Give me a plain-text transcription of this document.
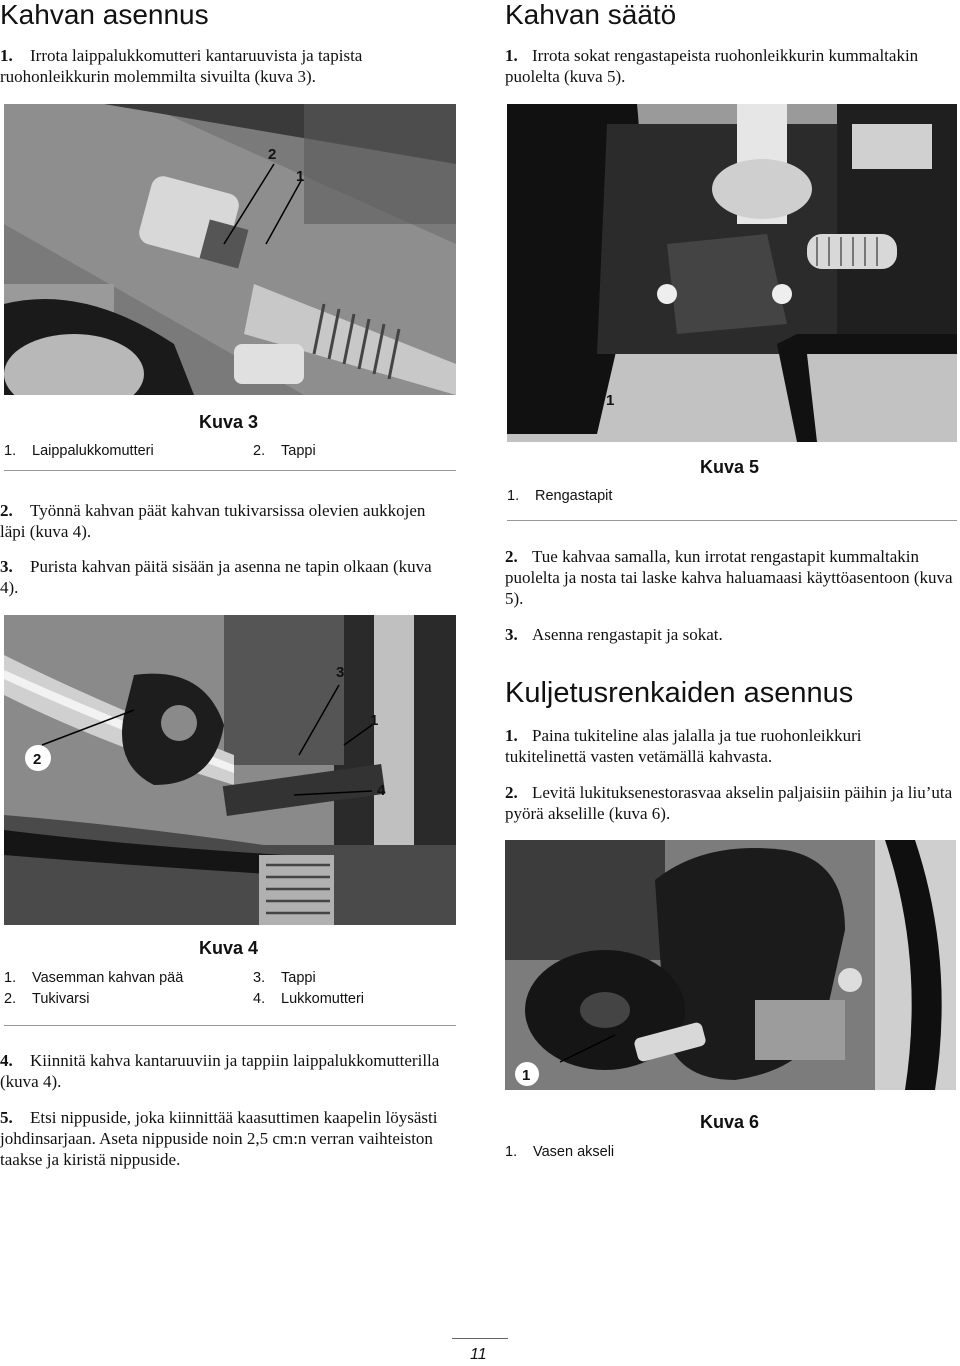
Kahvan asennus
1. Irrota laippalukkomutteri kantaruuvista ja tapista ruohonleikkurin molemmilta sivuilta (kuva 3).
2
1
Kuva 3
1. Laippalukkomutteri	2. Tappi
2. Työnnä kahvan päät kahvan tukivarsissa olevien aukkojen läpi (kuva 4).
3. Purista kahvan päitä sisään ja asenna ne tapin olkaan (kuva 4).
2
3
1
4
Kuva 4
1. Vasemman kahvan pää
2. Tukivarsi
3. Tappi
4. Lukkomutteri
4. Kiinnitä kahva kantaruuviin ja tappiin laippalukkomutterilla (kuva 4).
5. Etsi nippuside, joka kiinnittää kaasuttimen kaapelin löysästi johdinsarjaan. Aseta nippuside noin 2,5 cm:n verran vaihteiston taakse ja kiristä nippuside.
Kahvan säätö
1. Irrota sokat rengastapeista ruohonleikkurin kummaltakin puolelta (kuva 5).
1
Kuva 5
1. Rengastapit
2. Tue kahvaa samalla, kun irrotat rengastapit kummaltakin puolelta ja nosta tai laske kahva haluamaasi käyttöasentoon (kuva 5).
3. Asenna rengastapit ja sokat.
Kuljetusrenkaiden asennus
1. Paina tukiteline alas jalalla ja tue ruohonleikkuri tukitelinettä vasten vetämällä kahvasta.
2. Levitä lukituksenestorasvaa akselin paljaisiin päihin ja liu’uta pyörä akselille (kuva 6).
1
1. Vasen akseli
Kuva 6
11
